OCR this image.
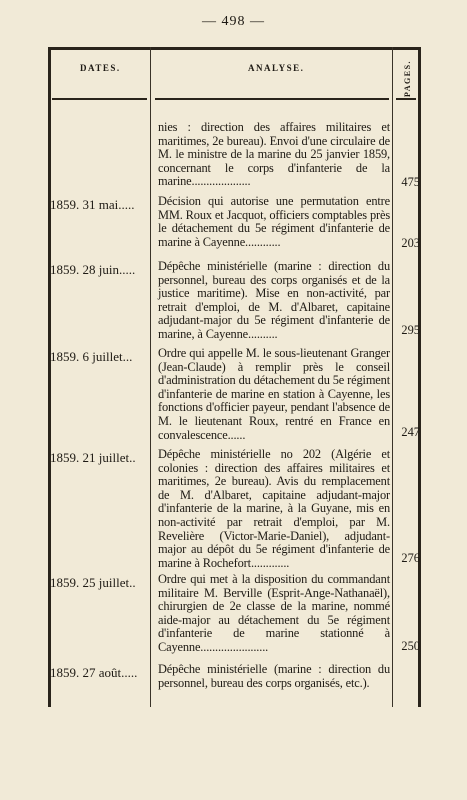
— 498 —
DATES.	ANALYSE.	PAGES.
nies : direction des affaires militaires et maritimes, 2e bureau). Envoi d'une circulaire de M. le ministre de la marine du 25 janvier 1859, concernant le corps d'infanterie de la marine....................	475
1859. 31 mai.....	Décision qui autorise une permutation entre MM. Roux et Jacquot, officiers comptables près le détachement du 5e régiment d'infanterie de marine à Cayenne............	203
1859. 28 juin.....	Dépêche ministérielle (marine : direction du personnel, bureau des corps organisés et de la justice maritime). Mise en non-activité, par retrait d'emploi, de M. d'Albaret, capitaine adjudant-major du 5e régiment d'infanterie de marine, à Cayenne..........	295
1859. 6 juillet...	Ordre qui appelle M. le sous-lieutenant Granger (Jean-Claude) à remplir près le conseil d'administration du détachement du 5e régiment d'infanterie de marine en station à Cayenne, les fonctions d'officier payeur, pendant l'absence de M. le lieutenant Roux, rentré en France en convalescence......	247
1859. 21 juillet..	Dépêche ministérielle no 202 (Algérie et colonies : direction des affaires militaires et maritimes, 2e bureau). Avis du remplacement de M. d'Albaret, capitaine adjudant-major d'infanterie de la marine, à la Guyane, mis en non-activité par retrait d'emploi, par M. Revelière (Victor-Marie-Daniel), adjudant-major au dépôt du 5e régiment d'infanterie de marine à Rochefort.............	276
1859. 25 juillet..	Ordre qui met à la disposition du commandant militaire M. Berville (Esprit-Ange-Nathanaël), chirurgien de 2e classe de la marine, nommé aide-major au détachement du 5e régiment d'infanterie de marine stationné à Cayenne.......................	250
1859. 27 août.....	Dépêche ministérielle (marine : direction du personnel, bureau des corps organisés, etc.).
